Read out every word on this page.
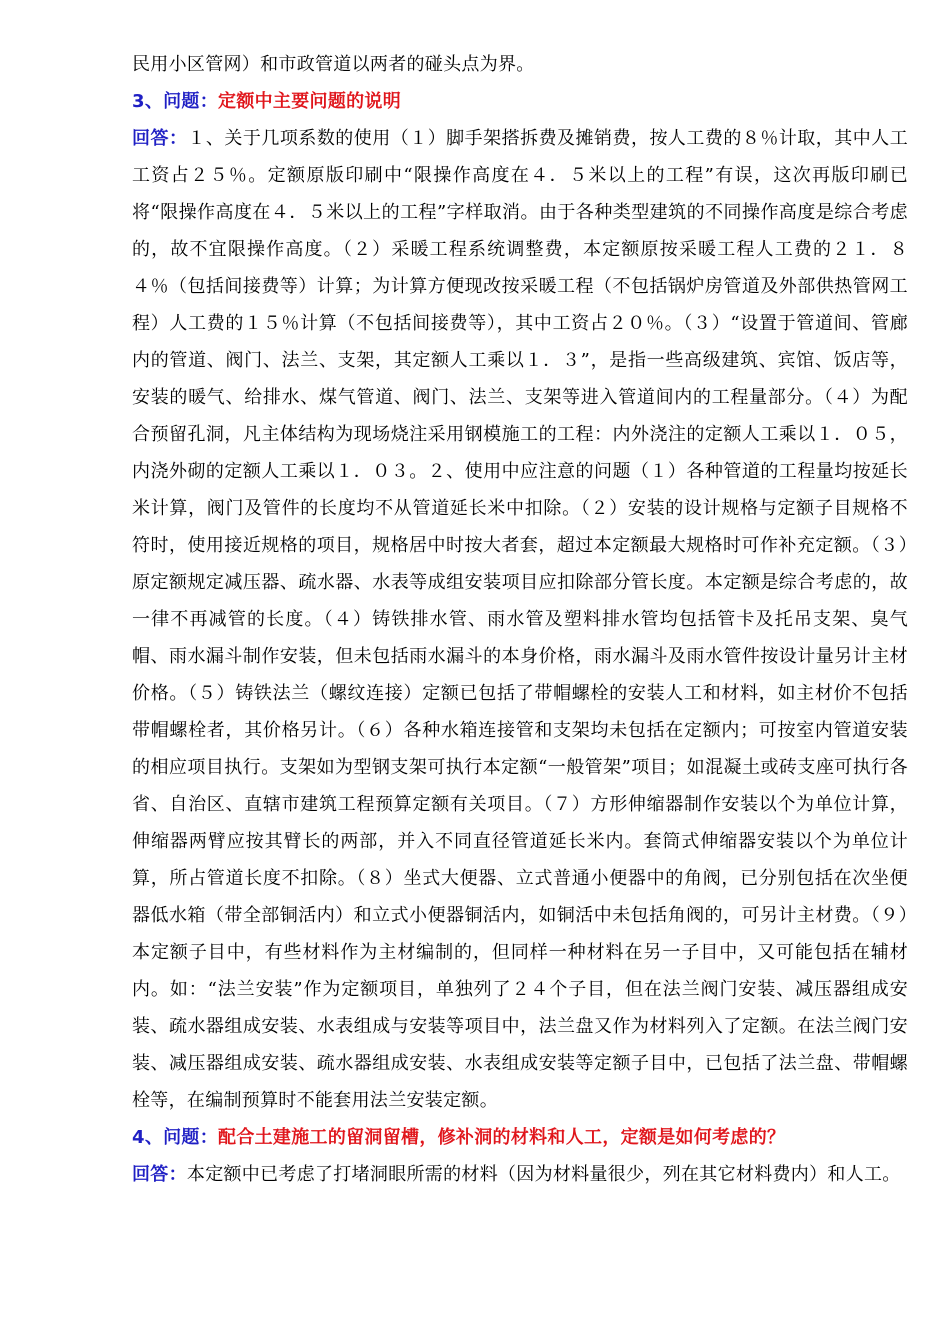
民用小区管网）和市政管道以两者的碰头点为界。

3、问题：定额中主要问题的说明

回答：１、关于几项系数的使用（１）脚手架搭拆费及摊销费，按人工费的８％计取，其中人工工资占２５％。定额原版印刷中“限操作高度在４．５米以上的工程”有误，这次再版印刷已将“限操作高度在４．５米以上的工程”字样取消。由于各种类型建筑的不同操作高度是综合考虑的，故不宜限操作高度。（２）采暖工程系统调整费，本定额原按采暖工程人工费的２１．８４％（包括间接费等）计算；为计算方便现改按采暖工程（不包括锅炉房管道及外部供热管网工程）人工费的１５％计算（不包括间接费等），其中工资占２０％。（３）“设置于管道间、管廊内的管道、阀门、法兰、支架，其定额人工乘以１．３”，是指一些高级建筑、宾馆、饭店等，安装的暖气、给排水、煤气管道、阀门、法兰、支架等进入管道间内的工程量部分。（４）为配合预留孔洞，凡主体结构为现场烧注采用钢模施工的工程：内外浇注的定额人工乘以１．０５，内浇外砌的定额人工乘以１．０３。２、使用中应注意的问题（１）各种管道的工程量均按延长米计算，阀门及管件的长度均不从管道延长米中扣除。（２）安装的设计规格与定额子目规格不符时，使用接近规格的项目，规格居中时按大者套，超过本定额最大规格时可作补充定额。（３）原定额规定减压器、疏水器、水表等成组安装项目应扣除部分管长度。本定额是综合考虑的，故一律不再减管的长度。（４）铸铁排水管、雨水管及塑料排水管均包括管卡及托吊支架、臭气帽、雨水漏斗制作安装，但未包括雨水漏斗的本身价格，雨水漏斗及雨水管件按设计量另计主材价格。（５）铸铁法兰（螺纹连接）定额已包括了带帽螺栓的安装人工和材料，如主材价不包括带帽螺栓者，其价格另计。（６）各种水箱连接管和支架均未包括在定额内；可按室内管道安装的相应项目执行。支架如为型钢支架可执行本定额“一般管架”项目；如混凝土或砖支座可执行各省、自治区、直辖市建筑工程预算定额有关项目。（７）方形伸缩器制作安装以个为单位计算，伸缩器两臂应按其臂长的两部，并入不同直径管道延长米内。套筒式伸缩器安装以个为单位计算，所占管道长度不扣除。（８）坐式大便器、立式普通小便器中的角阀，已分别包括在次坐便器低水箱（带全部铜活内）和立式小便器铜活内，如铜活中未包括角阀的，可另计主材费。（９）本定额子目中，有些材料作为主材编制的，但同样一种材料在另一子目中，又可能包括在辅材内。如：“法兰安装”作为定额项目，单独列了２４个子目，但在法兰阀门安装、减压器组成安装、疏水器组成安装、水表组成与安装等项目中，法兰盘又作为材料列入了定额。在法兰阀门安装、减压器组成安装、疏水器组成安装、水表组成安装等定额子目中，已包括了法兰盘、带帽螺栓等，在编制预算时不能套用法兰安装定额。

4、问题：配合土建施工的留洞留槽，修补洞的材料和人工，定额是如何考虑的？

回答：本定额中已考虑了打堵洞眼所需的材料（因为材料量很少，列在其它材料费内）和人工。
